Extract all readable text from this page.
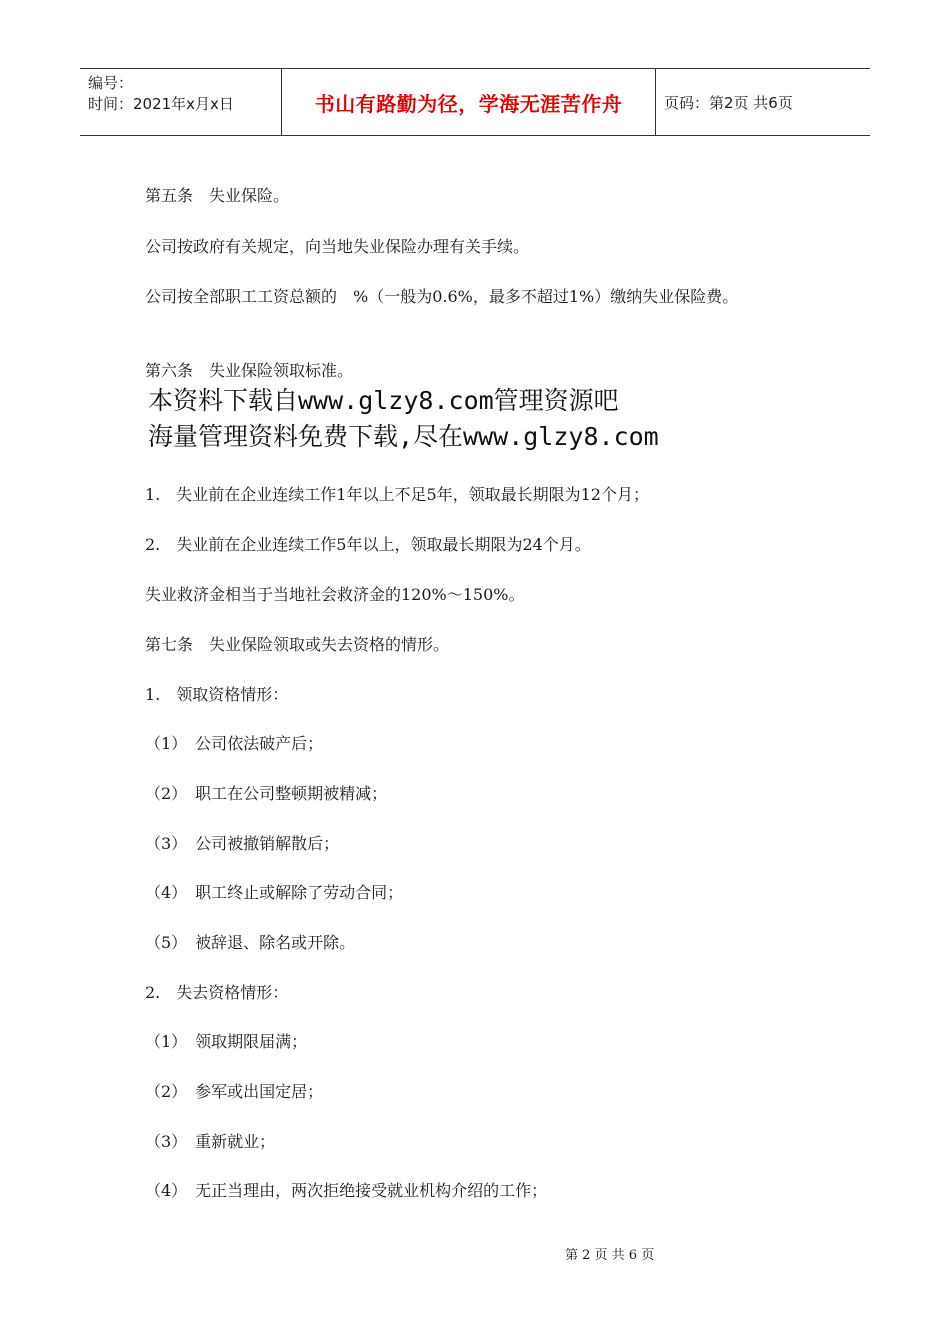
编号：
时间：2021年x月x日	书山有路勤为径，学海无涯苦作舟	页码：第2页 共6页
第五条　失业保险。
公司按政府有关规定，向当地失业保险办理有关手续。
公司按全部职工工资总额的　%（一般为0.6%，最多不超过1%）缴纳失业保险费。
第六条　失业保险领取标准。
1.　失业前在企业连续工作1年以上不足5年，领取最长期限为12个月；
2.　失业前在企业连续工作5年以上，领取最长期限为24个月。
失业救济金相当于当地社会救济金的120%～150%。
第七条　失业保险领取或失去资格的情形。
1.　领取资格情形：
（1）　公司依法破产后；
（2）　职工在公司整顿期被精减；
（3）　公司被撤销解散后；
（4）　职工终止或解除了劳动合同；
（5）　被辞退、除名或开除。
2.　失去资格情形：
（1）　领取期限届满；
（2）　参军或出国定居；
（3）　重新就业；
（4）　无正当理由，两次拒绝接受就业机构介绍的工作；
本资料下载自www.glzy8.com管理资源吧
海量管理资料免费下载,尽在www.glzy8.com
第 2 页 共 6 页
